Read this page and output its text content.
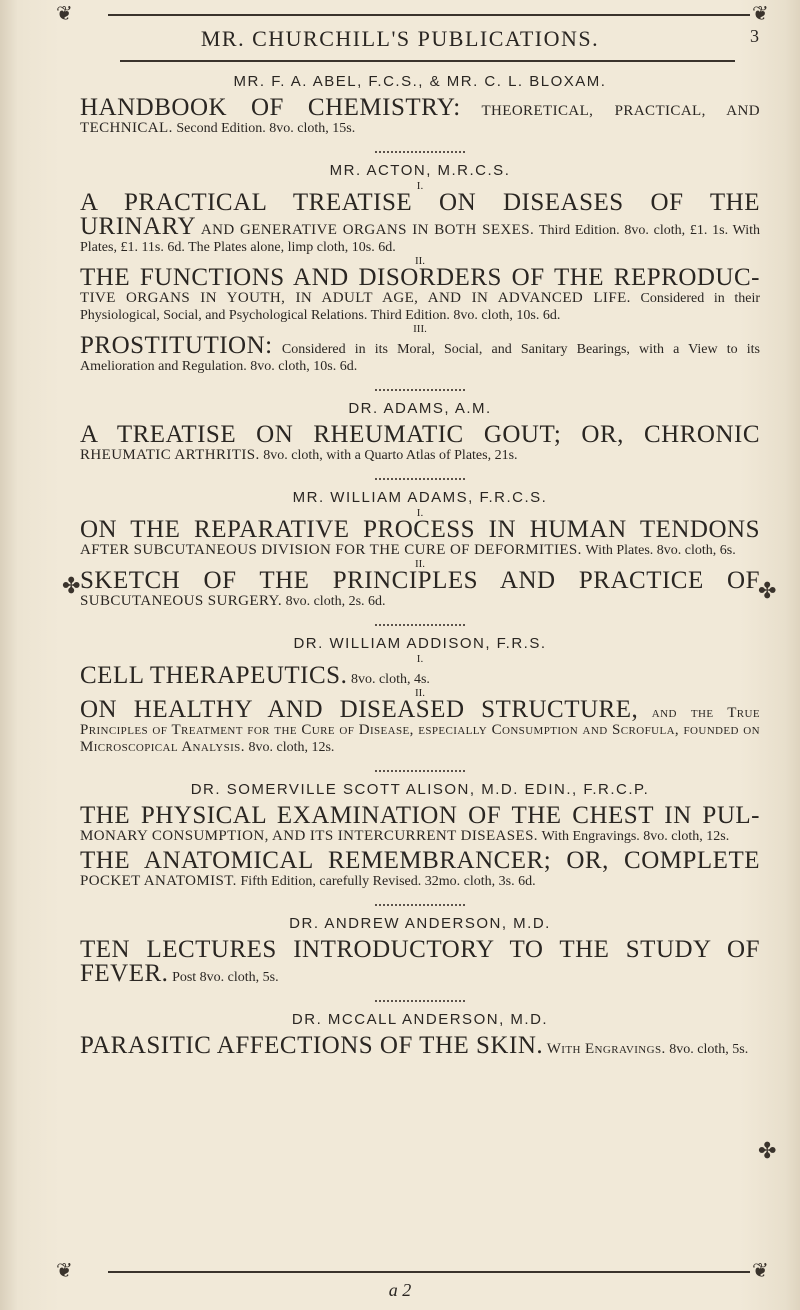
❦	❦
❦	❦
✤
✤
✤
MR. CHURCHILL'S PUBLICATIONS.	3

MR. F. A. ABEL, F.C.S., & MR. C. L. BLOXAM.

HANDBOOK OF CHEMISTRY: THEORETICAL, PRACTICAL, AND TECHNICAL. Second Edition. 8vo. cloth, 15s.

MR. ACTON, M.R.C.S.

I.

A PRACTICAL TREATISE ON DISEASES OF THE URINARY AND GENERATIVE ORGANS IN BOTH SEXES. Third Edition. 8vo. cloth, £1. 1s. With Plates, £1. 11s. 6d. The Plates alone, limp cloth, 10s. 6d.

II.

THE FUNCTIONS AND DISORDERS OF THE REPRODUC- TIVE ORGANS IN YOUTH, IN ADULT AGE, AND IN ADVANCED LIFE. Considered in their Physiological, Social, and Psychological Relations. Third Edition. 8vo. cloth, 10s. 6d.

III.

PROSTITUTION: Considered in its Moral, Social, and Sanitary Bearings, with a View to its Amelioration and Regulation. 8vo. cloth, 10s. 6d.

DR. ADAMS, A.M.

A TREATISE ON RHEUMATIC GOUT; OR, CHRONIC RHEUMATIC ARTHRITIS. 8vo. cloth, with a Quarto Atlas of Plates, 21s.

MR. WILLIAM ADAMS, F.R.C.S.

I.

ON THE REPARATIVE PROCESS IN HUMAN TENDONS AFTER SUBCUTANEOUS DIVISION FOR THE CURE OF DEFORMITIES. With Plates. 8vo. cloth, 6s.

II.

SKETCH OF THE PRINCIPLES AND PRACTICE OF SUBCUTANEOUS SURGERY. 8vo. cloth, 2s. 6d.

DR. WILLIAM ADDISON, F.R.S.

I.

CELL THERAPEUTICS. 8vo. cloth, 4s.

II.

ON HEALTHY AND DISEASED STRUCTURE, and the True Principles of Treatment for the Cure of Disease, especially Consumption and Scrofula, founded on Microscopical Analysis. 8vo. cloth, 12s.

DR. SOMERVILLE SCOTT ALISON, M.D. EDIN., F.R.C.P.

THE PHYSICAL EXAMINATION OF THE CHEST IN PUL- MONARY CONSUMPTION, AND ITS INTERCURRENT DISEASES. With Engravings. 8vo. cloth, 12s.

THE ANATOMICAL REMEMBRANCER; OR, COMPLETE POCKET ANATOMIST. Fifth Edition, carefully Revised. 32mo. cloth, 3s. 6d.

DR. ANDREW ANDERSON, M.D.

TEN LECTURES INTRODUCTORY TO THE STUDY OF FEVER. Post 8vo. cloth, 5s.

DR. MCCALL ANDERSON, M.D.

PARASITIC AFFECTIONS OF THE SKIN. With Engravings. 8vo. cloth, 5s.

a 2
